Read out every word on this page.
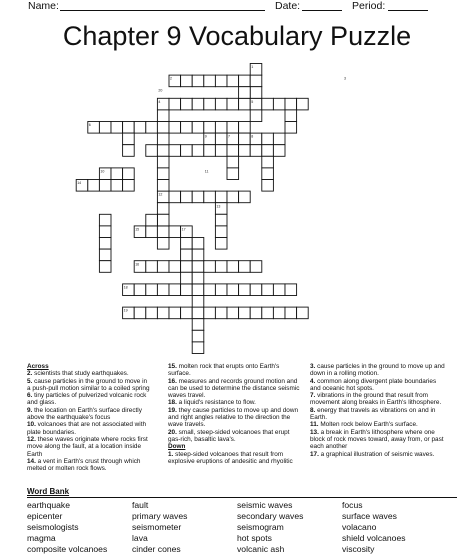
Name:	Date:	Period:
Chapter 9 Vocabulary Puzzle
1
2	3
4	5
6
7	8
9
10	11
12
13
14
15
16
17
18
19
20
Across
2. scientists that study earthquakes.
5. cause particles in the ground to move in a push-pull motion similar to a coiled spring
6. tiny particles of pulverized volcanic rock and glass.
9. the location on Earth's surface directly above the earthquake's focus
10. volcanoes that are not associated with plate boundaries.
12. these waves originate where rocks first move along the fault, at a location inside Earth
14. a vent in Earth's crust through which melted or molten rock flows.
15. molten rock that erupts onto Earth's surface.
16. measures and records ground motion and can be used to determine the distance seismic waves travel.
18. a liquid's resistance to flow.
19. they cause particles to move up and down and right angles relative to the direction the wave travels.
20. small, steep-sided volcanoes that erupt gas-rich, basaltic lava's.
Down
1. steep-sided volcanoes that result from explosive eruptions of andesitic and rhyolitic
3. cause particles in the ground to move up and down in a rolling motion.
4. common along divergent plate boundaries and oceanic hot spots.
7. vibrations in the ground that result from movement along breaks in Earth's lithosphere.
8. energy that travels as vibrations on and in Earth.
11. Molten rock below Earth's surface.
13. a break in Earth's lithosphere where one block of rock moves toward, away from, or past each another
17. a graphical illustration of seismic waves.
Word Bank
earthquake
epicenter
seismologists
magma
composite volcanoes
fault
primary waves
seismometer
lava
cinder cones
seismic waves
secondary waves
seismogram
hot spots
volcanic ash
focus
surface waves
volacano
shield volcanoes
viscosity
